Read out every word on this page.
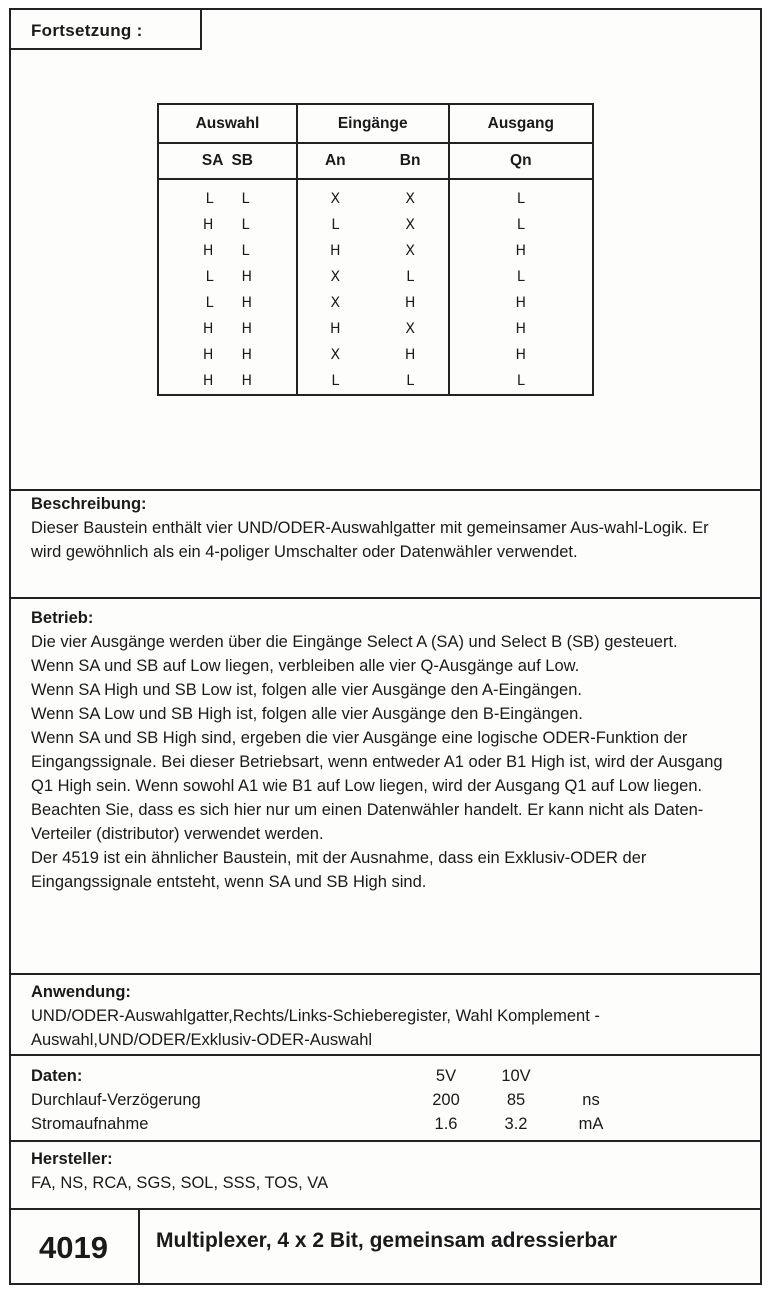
Fortsetzung :
Auswahl		Eingänge		Ausgang
SA	SB	An	Bn	Qn
L	L	X	X	L
H	L	L	X	L
H	L	H	X	H
L	H	X	L	L
L	H	X	H	H
H	H	H	X	H
H	H	X	H	H
H	H	L	L	L
Beschreibung:

Dieser Baustein enthält vier UND/ODER-Auswahlgatter mit gemeinsamer Aus-wahl-Logik. Er wird gewöhnlich als ein 4-poliger Umschalter oder Datenwähler verwendet.

Betrieb:

Die vier Ausgänge werden über die Eingänge Select A (SA) und Select B (SB) gesteuert.

Wenn SA und SB auf Low liegen, verbleiben alle vier Q-Ausgänge auf Low.

Wenn SA High und SB Low ist, folgen alle vier Ausgänge den A-Eingängen.

Wenn SA Low und SB High ist, folgen alle vier Ausgänge den B-Eingängen.

Wenn SA und SB High sind, ergeben die vier Ausgänge eine logische ODER-Funktion der Eingangssignale. Bei dieser Betriebsart, wenn entweder A1 oder B1 High ist, wird der Ausgang Q1 High sein. Wenn sowohl A1 wie B1 auf Low liegen, wird der Ausgang Q1 auf Low liegen.

Beachten Sie, dass es sich hier nur um einen Datenwähler handelt. Er kann nicht als Daten-Verteiler (distributor) verwendet werden.

Der 4519 ist ein ähnlicher Baustein, mit der Ausnahme, dass ein Exklusiv-ODER der Eingangssignale entsteht, wenn SA und SB High sind.

Anwendung:

UND/ODER-Auswahlgatter,Rechts/Links-Schieberegister, Wahl Komplement -Auswahl,UND/ODER/Exklusiv-ODER-Auswahl

Daten:	5V	10V
Durchlauf-Verzögerung	200	85	ns
Stromaufnahme	1.6	3.2	mA
Hersteller:

FA, NS, RCA, SGS, SOL, SSS, TOS, VA

4019	Multiplexer, 4 x 2 Bit, gemeinsam adressierbar
